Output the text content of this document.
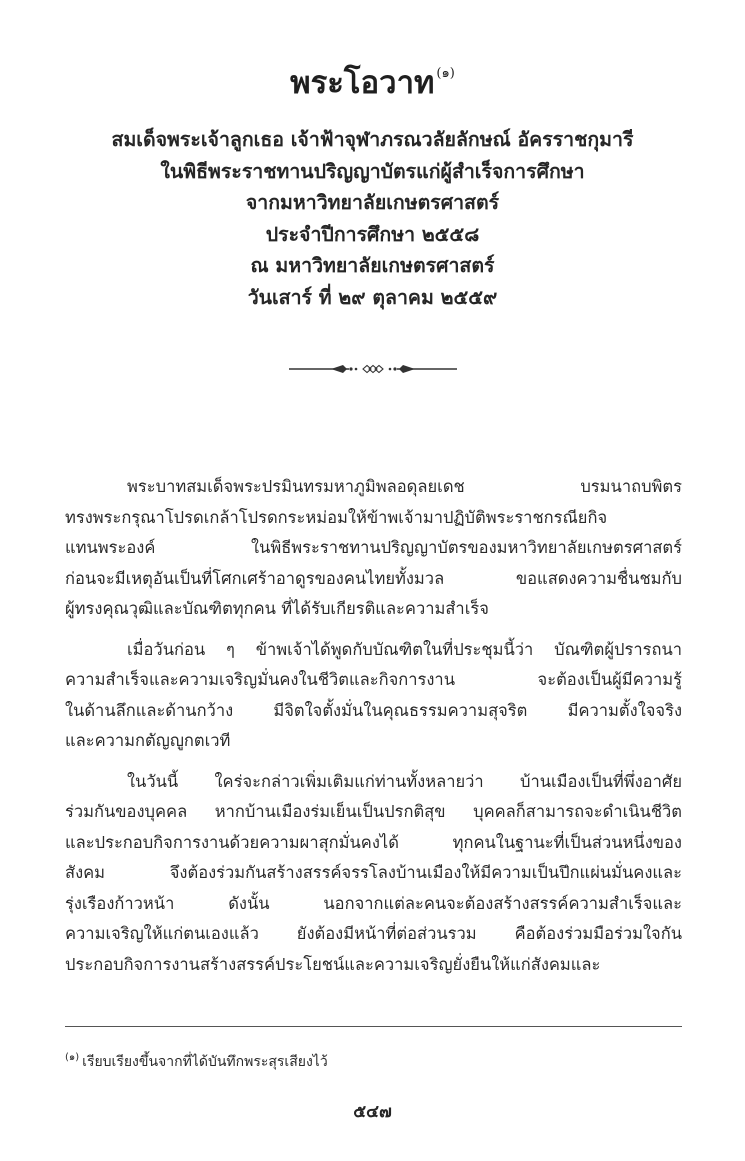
พระโอวาท $^{(๑)}$
สมเด็จพระเจ้าลูกเธอ เจ้าฟ้าจุฬาภรณวลัยลักษณ์ อัครราชกุมารี
ในพิธีพระราชทานปริญญาบัตรแก่ผู้สำเร็จการศึกษา
จากมหาวิทยาลัยเกษตรศาสตร์
ประจำปีการศึกษา ๒๕๕๘
ณ มหาวิทยาลัยเกษตรศาสตร์
วันเสาร์ ที่ ๒๙ ตุลาคม ๒๕๕๙
พระบาทสมเด็จพระปรมินทรมหาภูมิพลอดุลยเดช บรมนาถบพิตร
ทรงพระกรุณาโปรดเกล้าโปรดกระหม่อมให้ข้าพเจ้ามาปฏิบัติพระราชกรณียกิจ
แทนพระองค์ ในพิธีพระราชทานปริญญาบัตรของมหาวิทยาลัยเกษตรศาสตร์
ก่อนจะมีเหตุอันเป็นที่โศกเศร้าอาดูรของคนไทยทั้งมวล ขอแสดงความชื่นชมกับ
ผู้ทรงคุณวุฒิและบัณฑิตทุกคน ที่ได้รับเกียรติและความสำเร็จ
เมื่อวันก่อน ๆ ข้าพเจ้าได้พูดกับบัณฑิตในที่ประชุมนี้ว่า บัณฑิตผู้ปรารถนา
ความสำเร็จและความเจริญมั่นคงในชีวิตและกิจการงาน จะต้องเป็นผู้มีความรู้
ในด้านลึกและด้านกว้าง มีจิตใจตั้งมั่นในคุณธรรมความสุจริต มีความตั้งใจจริง
และความกตัญญูกตเวที
ในวันนี้ ใคร่จะกล่าวเพิ่มเติมแก่ท่านทั้งหลายว่า บ้านเมืองเป็นที่พึ่งอาศัย
ร่วมกันของบุคคล หากบ้านเมืองร่มเย็นเป็นปรกติสุข บุคคลก็สามารถจะดำเนินชีวิต
และประกอบกิจการงานด้วยความผาสุกมั่นคงได้ ทุกคนในฐานะที่เป็นส่วนหนึ่งของ
สังคม จึงต้องร่วมกันสร้างสรรค์จรรโลงบ้านเมืองให้มีความเป็นปึกแผ่นมั่นคงและ
รุ่งเรืองก้าวหน้า ดังนั้น นอกจากแต่ละคนจะต้องสร้างสรรค์ความสำเร็จและ
ความเจริญให้แก่ตนเองแล้ว ยังต้องมีหน้าที่ต่อส่วนรวม คือต้องร่วมมือร่วมใจกัน
ประกอบกิจการงานสร้างสรรค์ประโยชน์และความเจริญยั่งยืนให้แก่สังคมและ
$^{(๑)}$ เรียบเรียงขึ้นจากที่ได้บันทึกพระสุรเสียงไว้
๕๔๗
